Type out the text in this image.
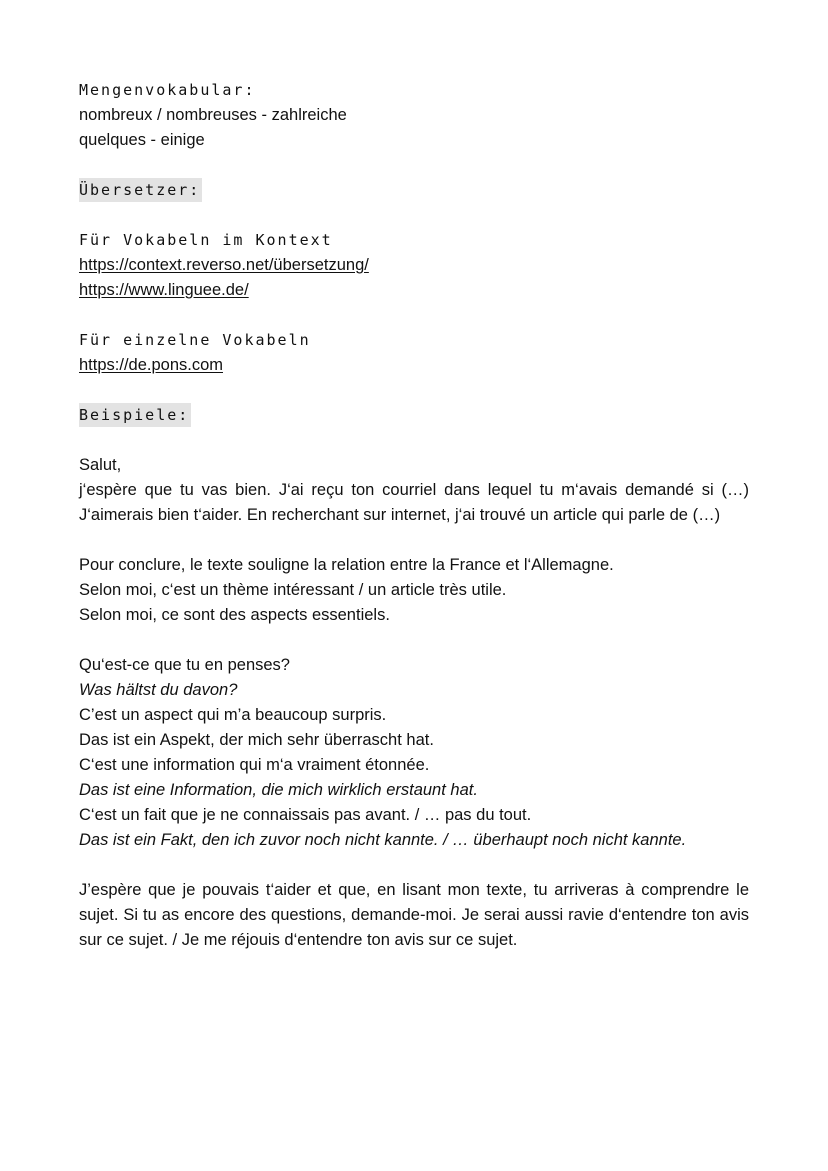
Mengenvokabular:
nombreux / nombreuses - zahlreiche
quelques - einige
Übersetzer:
Für Vokabeln im Kontext
https://context.reverso.net/übersetzung/
https://www.linguee.de/
Für einzelne Vokabeln
https://de.pons.com
Beispiele:
Salut,
j‘espère que tu vas bien. J‘ai reçu ton courriel dans lequel tu m‘avais demandé si (…) J‘aimerais bien t‘aider. En recherchant sur internet, j‘ai trouvé un article qui parle de (…)
Pour conclure, le texte souligne la relation entre la France et l‘Allemagne.
Selon moi, c‘est un thème intéressant / un article très utile.
Selon moi, ce sont des aspects essentiels.
Qu‘est-ce que tu en penses?
Was hältst du davon?
C’est un aspect qui m’a beaucoup surpris.
Das ist ein Aspekt, der mich sehr überrascht hat.
C‘est une information qui m‘a vraiment étonnée.
Das ist eine Information, die mich wirklich erstaunt hat.
C‘est un fait que je ne connaissais pas avant. / … pas du tout.
Das ist ein Fakt, den ich zuvor noch nicht kannte. / … überhaupt noch nicht kannte.
J’espère que je pouvais t‘aider et que, en lisant mon texte, tu arriveras à comprendre le sujet. Si tu as encore des questions, demande-moi. Je serai aussi ravie d‘entendre ton avis sur ce sujet. / Je me réjouis d‘entendre ton avis sur ce sujet.
